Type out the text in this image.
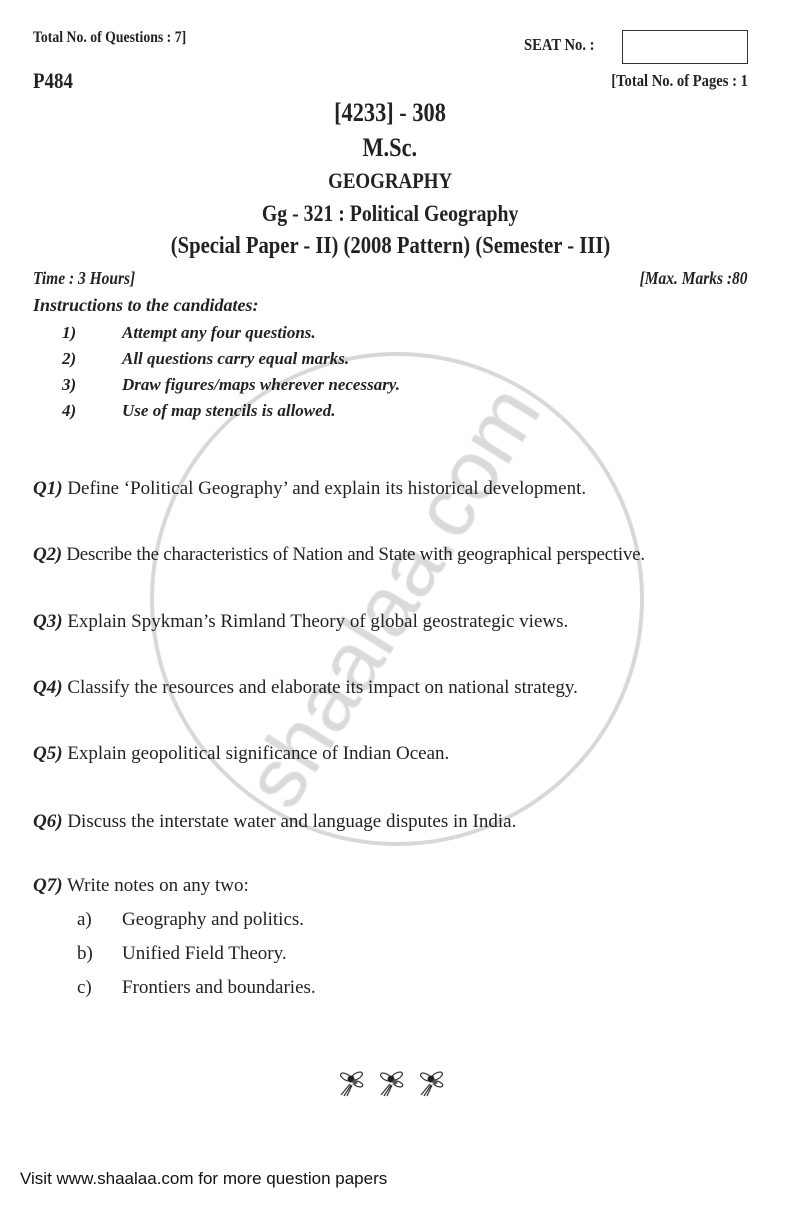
Total No. of Questions : 7]	SEAT No. :
P484	[Total No. of Pages : 1
[4233] - 308
M.Sc.
GEOGRAPHY
Gg - 321 : Political Geography
(Special Paper - II) (2008 Pattern) (Semester - III)
Time : 3 Hours]	[Max. Marks :80
Instructions to the candidates:
1)	Attempt any four questions.
2)	All questions carry equal marks.
3)	Draw figures/maps wherever necessary.
4)	Use of map stencils is allowed.
Q1) Define ‘Political Geography’ and explain its historical development.
Q2) Describe the characteristics of Nation and State with geographical perspective.
Q3) Explain Spykman’s Rimland Theory of global geostrategic views.
Q4) Classify the resources and elaborate its impact on national strategy.
Q5) Explain geopolitical significance of Indian Ocean.
Q6) Discuss the interstate water and language disputes in India.
Q7) Write notes on any two:
a) Geography and politics.
b) Unified Field Theory.
c) Frontiers and boundaries.
Visit www.shaalaa.com for more question papers
